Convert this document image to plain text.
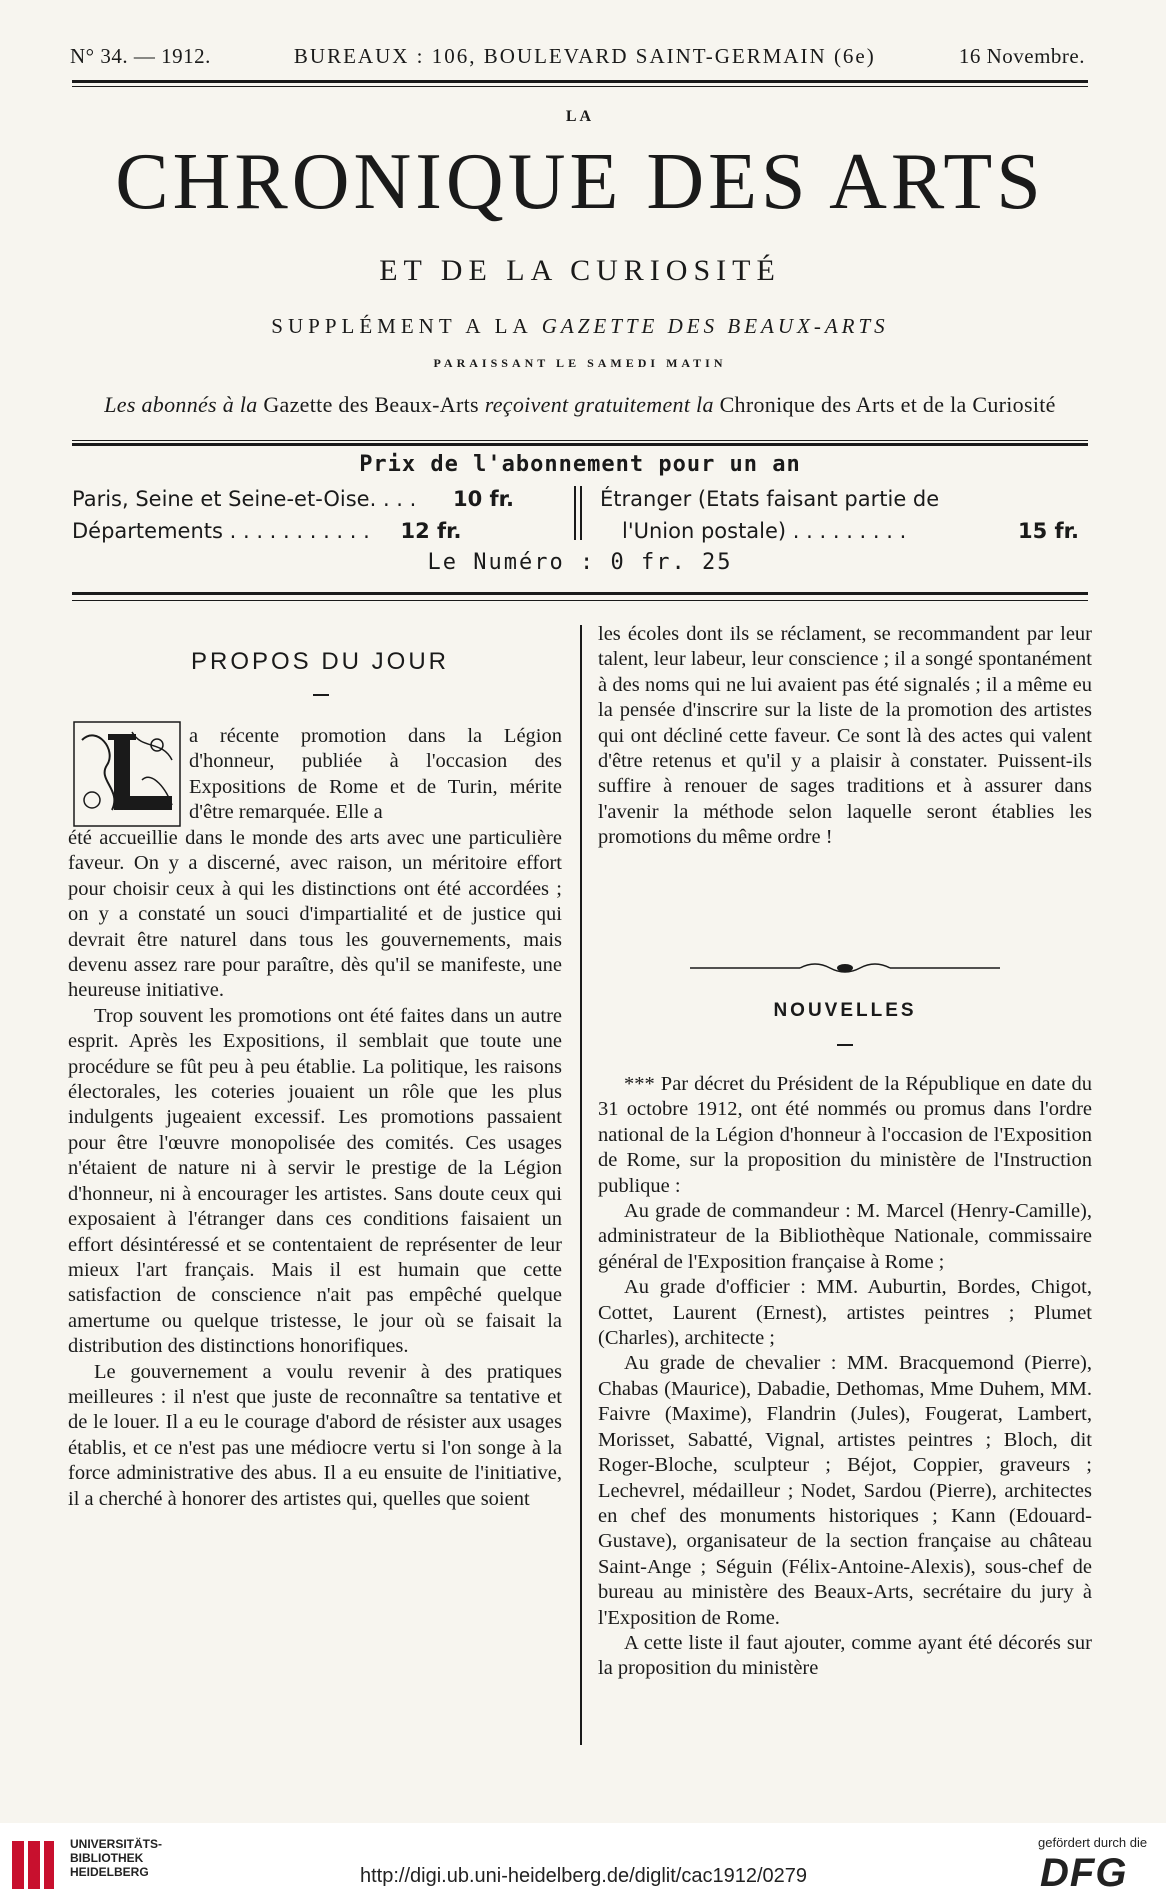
N° 34. — 1912.	BUREAUX : 106, BOULEVARD SAINT-GERMAIN (6e)	16 Novembre.
LA
CHRONIQUE DES ARTS
ET DE LA CURIOSITÉ
SUPPLÉMENT A LA GAZETTE DES BEAUX-ARTS
PARAISSANT LE SAMEDI MATIN
Les abonnés à la Gazette des Beaux-Arts reçoivent gratuitement la Chronique des Arts et de la Curiosité
Prix de l'abonnement pour un an
Paris, Seine et Seine-et-Oise. . . . 10 fr.
Départements . . . . . . . . . . . 12 fr.
Étranger (Etats faisant partie de
l'Union postale) . . . . . . . . .	15 fr.
Le Numéro : 0 fr. 25
PROPOS DU JOUR
a récente promotion dans la Légion d'honneur, publiée à l'occasion des Expositions de Rome et de Turin, mérite d'être remarquée. Elle a

été accueillie dans le monde des arts avec une particulière faveur. On y a discerné, avec raison, un méritoire effort pour choisir ceux à qui les distinctions ont été accordées ; on y a constaté un souci d'impartialité et de justice qui devrait être naturel dans tous les gouvernements, mais devenu assez rare pour paraître, dès qu'il se manifeste, une heureuse initiative.

Trop souvent les promotions ont été faites dans un autre esprit. Après les Expositions, il semblait que toute une procédure se fût peu à peu établie. La politique, les raisons électorales, les coteries jouaient un rôle que les plus indulgents jugeaient excessif. Les promotions passaient pour être l'œuvre monopolisée des comités. Ces usages n'étaient de nature ni à servir le prestige de la Légion d'honneur, ni à encourager les artistes. Sans doute ceux qui exposaient à l'étranger dans ces conditions faisaient un effort désintéressé et se contentaient de représenter de leur mieux l'art français. Mais il est humain que cette satisfaction de conscience n'ait pas empêché quelque amertume ou quelque tristesse, le jour où se faisait la distribution des distinctions honorifiques.

Le gouvernement a voulu revenir à des pratiques meilleures : il n'est que juste de reconnaître sa tentative et de le louer. Il a eu le courage d'abord de résister aux usages établis, et ce n'est pas une médiocre vertu si l'on songe à la force administrative des abus. Il a eu ensuite de l'initiative, il a cherché à honorer des artistes qui, quelles que soient

les écoles dont ils se réclament, se recommandent par leur talent, leur labeur, leur conscience ; il a songé spontanément à des noms qui ne lui avaient pas été signalés ; il a même eu la pensée d'inscrire sur la liste de la promotion des artistes qui ont décliné cette faveur. Ce sont là des actes qui valent d'être retenus et qu'il y a plaisir à constater. Puissent-ils suffire à renouer de sages traditions et à assurer dans l'avenir la méthode selon laquelle seront établies les promotions du même ordre !

NOUVELLES

*** Par décret du Président de la République en date du 31 octobre 1912, ont été nommés ou promus dans l'ordre national de la Légion d'honneur à l'occasion de l'Exposition de Rome, sur la proposition du ministère de l'Instruction publique :

Au grade de commandeur : M. Marcel (Henry-Camille), administrateur de la Bibliothèque Nationale, commissaire général de l'Exposition française à Rome ;

Au grade d'officier : MM. Auburtin, Bordes, Chigot, Cottet, Laurent (Ernest), artistes peintres ; Plumet (Charles), architecte ;

Au grade de chevalier : MM. Bracquemond (Pierre), Chabas (Maurice), Dabadie, Dethomas, Mme Duhem, MM. Faivre (Maxime), Flandrin (Jules), Fougerat, Lambert, Morisset, Sabatté, Vignal, artistes peintres ; Bloch, dit Roger-Bloche, sculpteur ; Béjot, Coppier, graveurs ; Lechevrel, médailleur ; Nodet, Sardou (Pierre), architectes en chef des monuments historiques ; Kann (Edouard-Gustave), organisateur de la section française au château Saint-Ange ; Séguin (Félix-Antoine-Alexis), sous-chef de bureau au ministère des Beaux-Arts, secrétaire du jury à l'Exposition de Rome.

A cette liste il faut ajouter, comme ayant été décorés sur la proposition du ministère

UNIVERSITÄTS-
BIBLIOTHEK
HEIDELBERG	http://digi.ub.uni-heidelberg.de/diglit/cac1912/0279
gefördert durch die
DFG
